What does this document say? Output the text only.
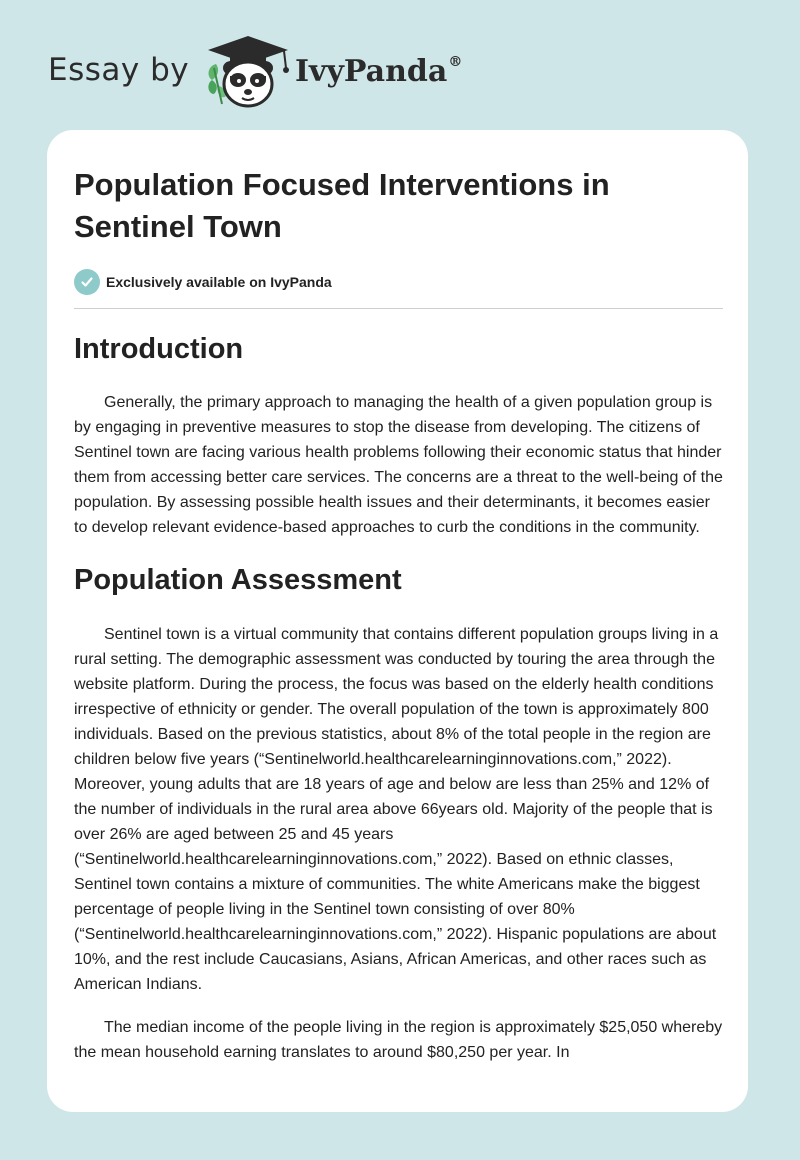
Essay by	IvyPanda®
Population Focused Interventions in Sentinel Town
Exclusively available on IvyPanda
Introduction

Generally, the primary approach to managing the health of a given population group is by engaging in preventive measures to stop the disease from developing. The citizens of Sentinel town are facing various health problems following their economic status that hinder them from accessing better care services. The concerns are a threat to the well-being of the population. By assessing possible health issues and their determinants, it becomes easier to develop relevant evidence-based approaches to curb the conditions in the community.

Population Assessment

Sentinel town is a virtual community that contains different population groups living in a rural setting. The demographic assessment was conducted by touring the area through the website platform. During the process, the focus was based on the elderly health conditions irrespective of ethnicity or gender. The overall population of the town is approximately 800 individuals. Based on the previous statistics, about 8% of the total people in the region are children below five years (“Sentinelworld.healthcarelearninginnovations.com,” 2022). Moreover, young adults that are 18 years of age and below are less than 25% and 12% of the number of individuals in the rural area above 66years old. Majority of the people that is over 26% are aged between 25 and 45 years (“Sentinelworld.healthcarelearninginnovations.com,” 2022). Based on ethnic classes, Sentinel town contains a mixture of communities. The white Americans make the biggest percentage of people living in the Sentinel town consisting of over 80% (“Sentinelworld.healthcarelearninginnovations.com,” 2022). Hispanic populations are about 10%, and the rest include Caucasians, Asians, African Americas, and other races such as American Indians.

The median income of the people living in the region is approximately $25,050 whereby the mean household earning translates to around $80,250 per year. In
